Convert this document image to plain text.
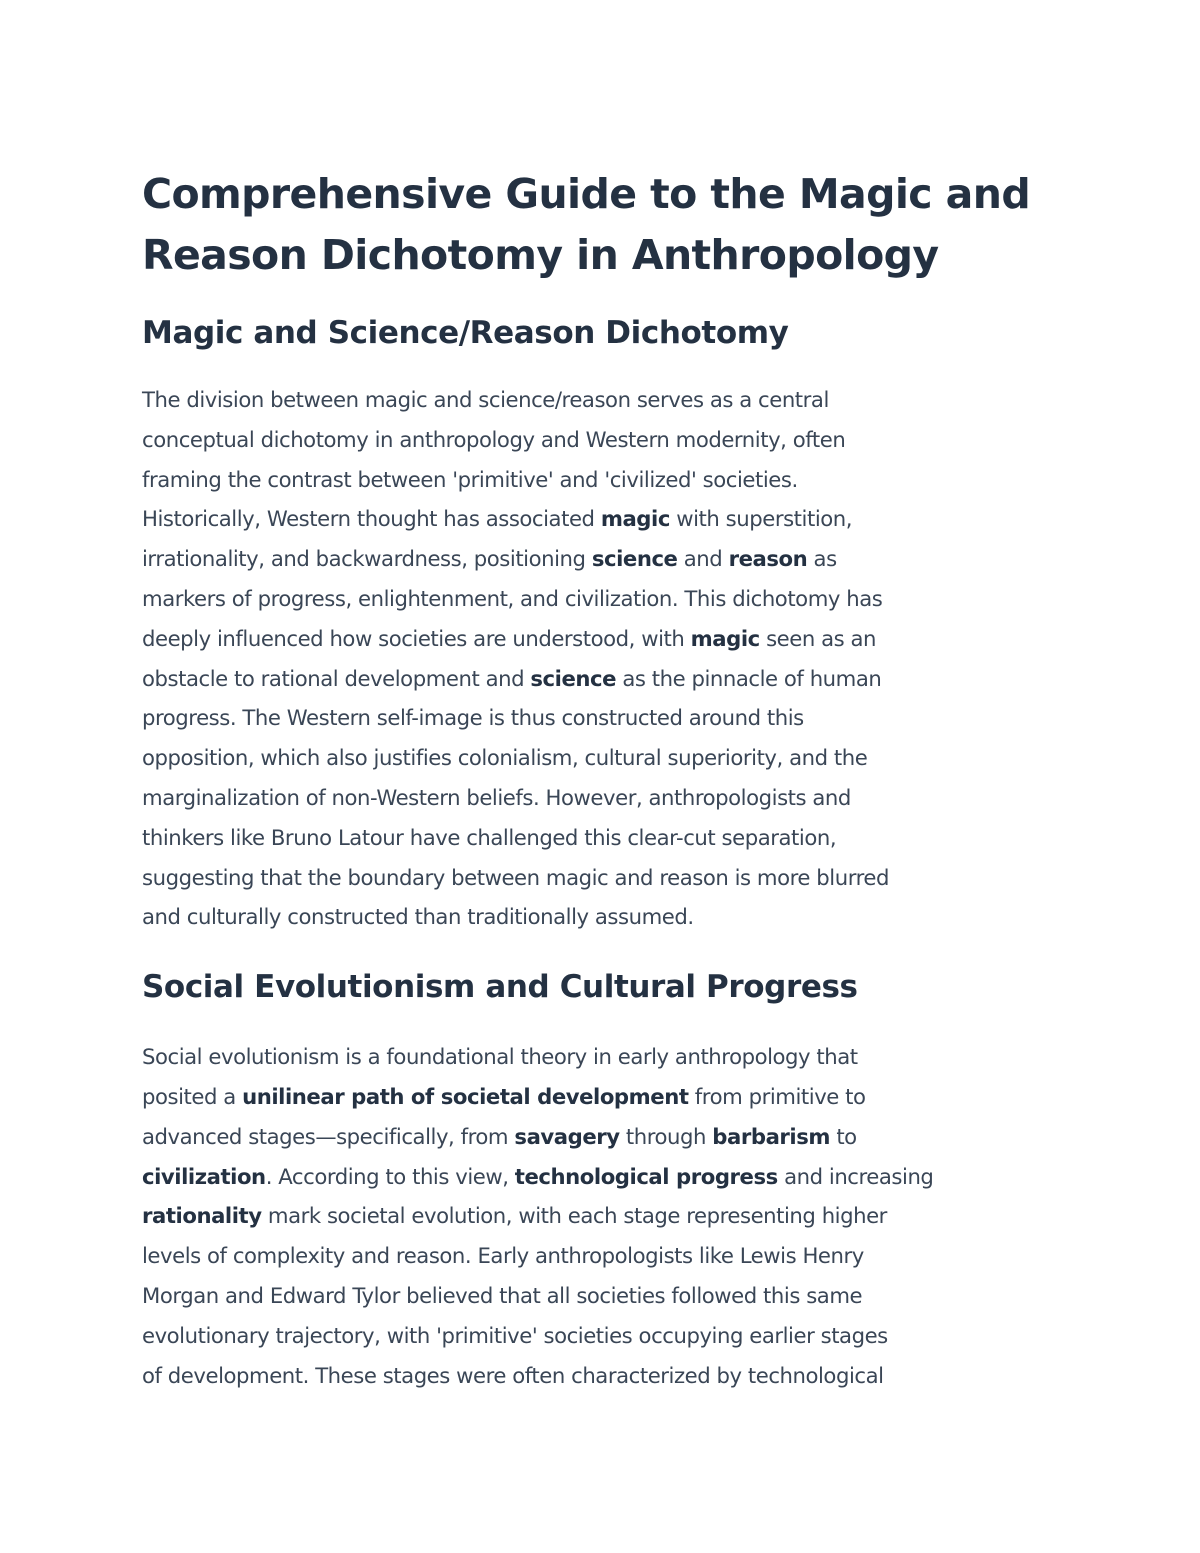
Comprehensive Guide to the Magic and
Reason Dichotomy in Anthropology
Magic and Science/Reason Dichotomy

The division between magic and science/reason serves as a central
conceptual dichotomy in anthropology and Western modernity, often
framing the contrast between 'primitive' and 'civilized' societies.
Historically, Western thought has associated magic with superstition,
irrationality, and backwardness, positioning science and reason as
markers of progress, enlightenment, and civilization. This dichotomy has
deeply influenced how societies are understood, with magic seen as an
obstacle to rational development and science as the pinnacle of human
progress. The Western self-image is thus constructed around this
opposition, which also justifies colonialism, cultural superiority, and the
marginalization of non-Western beliefs. However, anthropologists and
thinkers like Bruno Latour have challenged this clear-cut separation,
suggesting that the boundary between magic and reason is more blurred
and culturally constructed than traditionally assumed.

Social Evolutionism and Cultural Progress

Social evolutionism is a foundational theory in early anthropology that
posited a unilinear path of societal development from primitive to
advanced stages—specifically, from savagery through barbarism to
civilization. According to this view, technological progress and increasing
rationality mark societal evolution, with each stage representing higher
levels of complexity and reason. Early anthropologists like Lewis Henry
Morgan and Edward Tylor believed that all societies followed this same
evolutionary trajectory, with 'primitive' societies occupying earlier stages
of development. These stages were often characterized by technological
